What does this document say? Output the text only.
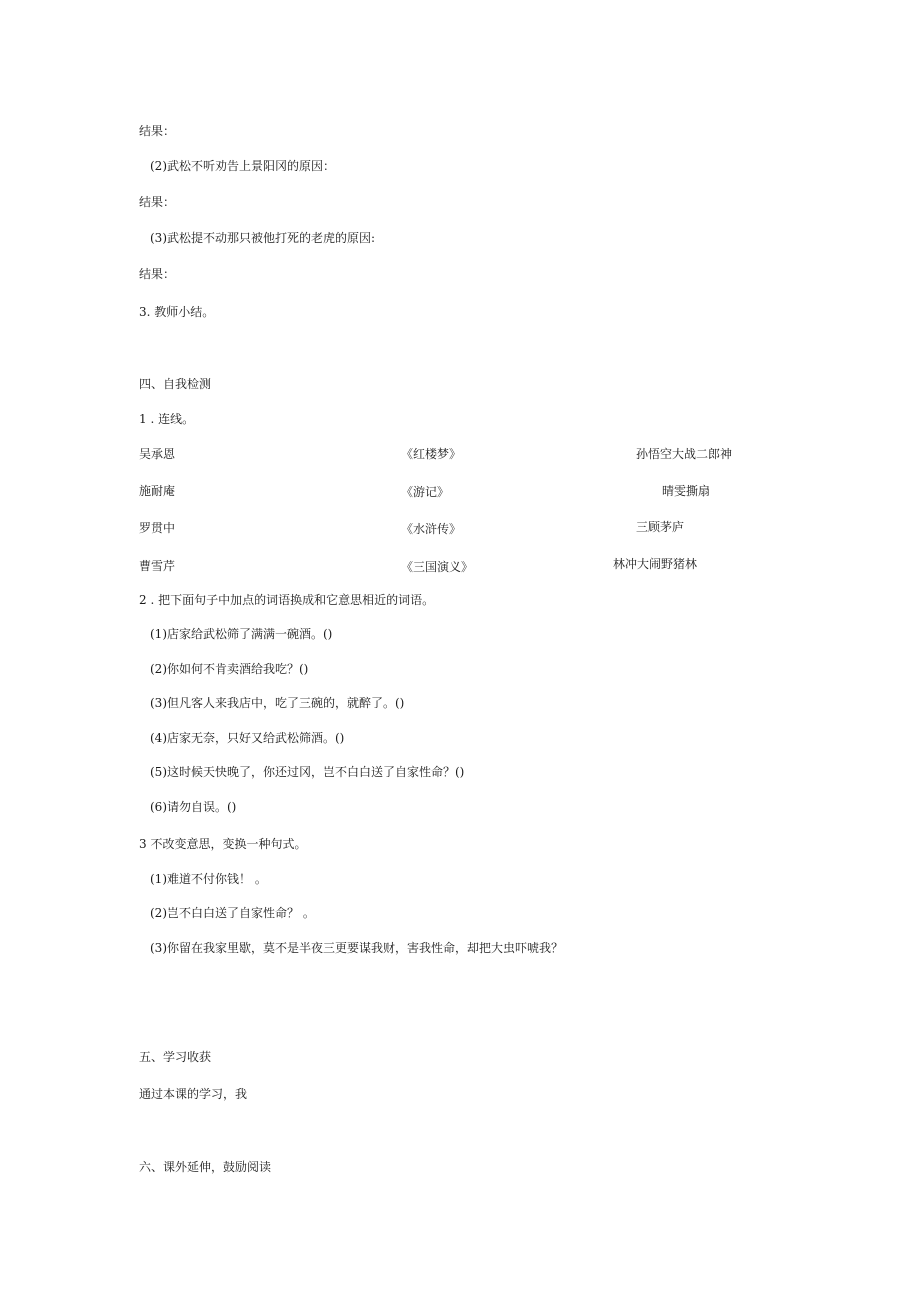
结果：
(2)武松不听劝告上景阳冈的原因：
结果：
(3)武松提不动那只被他打死的老虎的原因:
结果：
3. 教师小结。
四、自我检测
1 . 连线。
吴承恩
施耐庵
罗贯中
曹雪芹
《红楼梦》
《游记》
《水浒传》
《三国演义》
孙悟空大战二郎神
晴雯撕扇
三顾茅庐
林冲大闹野猪林
2 . 把下面句子中加点的词语换成和它意思相近的词语。
(1)店家给武松筛了满满一碗酒。()
(2)你如何不肯卖酒给我吃？()
(3)但凡客人来我店中，吃了三碗的，就醉了。()
(4)店家无奈，只好又给武松筛酒。()
(5)这时候天快晚了，你还过冈，岂不白白送了自家性命？()
(6)请勿自误。()
3 不改变意思，变换一种句式。
(1)难道不付你钱！ 。
(2)岂不白白送了自家性命？ 。
(3)你留在我家里歇，莫不是半夜三更要谋我财，害我性命，却把大虫吓唬我？
五、学习收获
通过本课的学习，我
六、课外延伸，鼓励阅读
